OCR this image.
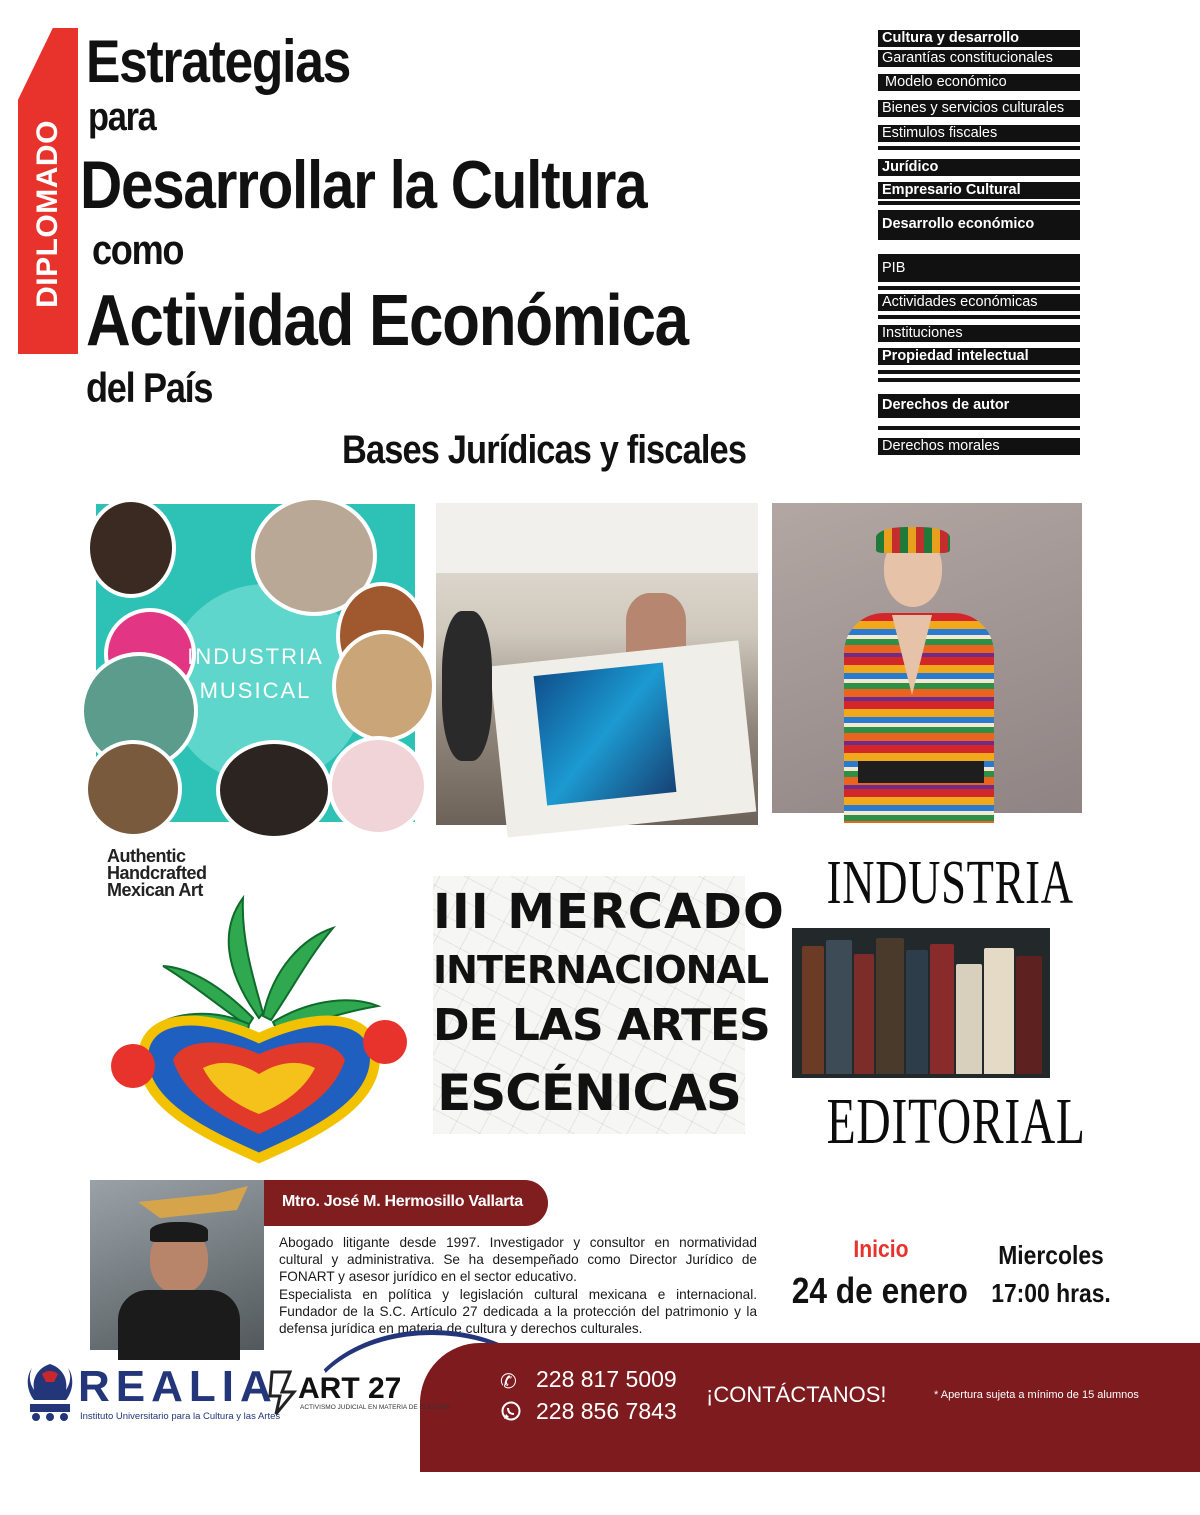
DIPLOMADO
Estrategias
para
Desarrollar la Cultura
como
Actividad Económica
del País
Bases Jurídicas y fiscales
Cultura y desarrollo
Garantías constitucionales
Modelo económico
Bienes y servicios culturales
Estimulos fiscales
Jurídico
Empresario Cultural
Desarrollo económico
PIB
Actividades económicas
Instituciones
Propiedad intelectual
Derechos de autor
Derechos morales
INDUSTRIA
MUSICAL
Authentic
Handcrafted
Mexican Art	III MERCADO
INTERNACIONAL
DE LAS ARTES
ESCÉNICAS
INDUSTRIA
EDITORIAL
Mtro. José M. Hermosillo Vallarta

Abogado litigante desde 1997. Investigador y consultor en normatividad cultural y administrativa. Se ha desempeñado como Director Jurídico de FONART y asesor jurídico en el sector educativo.

Especialista en política y legislación cultural mexicana e internacional. Fundador de la S.C. Artículo 27 dedicada a la protección del patrimonio y la defensa jurídica en materia de cultura y derechos culturales.

Inicio
24 de enero
Miercoles
17:00 hras.
REALIA
Instituto Universitario para la Cultura y las Artes
ART 27
ACTIVISMO JUDICIAL EN MATERIA DE CULTURA
✆ 228 817 5009
228 856 7843
¡CONTÁCTANOS!	* Apertura sujeta a mínimo de 15 alumnos
